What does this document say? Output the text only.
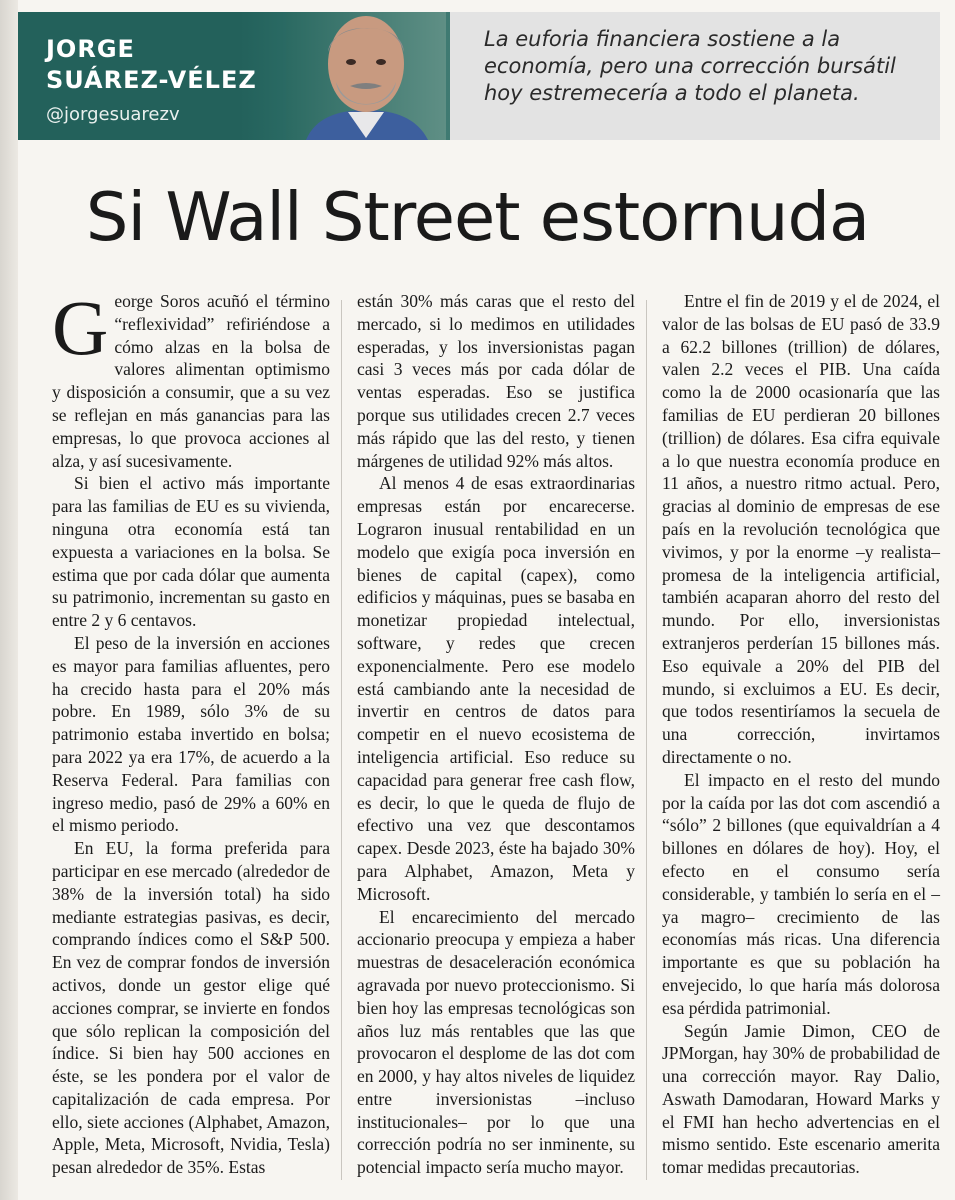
JORGE
SUÁREZ-VÉLEZ
@jorgesuarezv

La euforia financiera sostiene a la economía, pero una corrección bursátil hoy estremecería a todo el planeta.

Si Wall Street estornuda

George Soros acuñó el término “reflexividad” refiriéndose a cómo alzas en la bolsa de valores alimentan optimismo y disposición a consumir, que a su vez se reflejan en más ganancias para las empresas, lo que provoca acciones al alza, y así sucesivamente.

Si bien el activo más importante para las familias de EU es su vivienda, ninguna otra economía está tan expuesta a variaciones en la bolsa. Se estima que por cada dólar que aumenta su patrimonio, incrementan su gasto en entre 2 y 6 centavos.

El peso de la inversión en acciones es mayor para familias afluentes, pero ha crecido hasta para el 20% más pobre. En 1989, sólo 3% de su patrimonio estaba invertido en bolsa; para 2022 ya era 17%, de acuerdo a la Reserva Federal. Para familias con ingreso medio, pasó de 29% a 60% en el mismo periodo.

En EU, la forma preferida para participar en ese mercado (alrededor de 38% de la inversión total) ha sido mediante estrategias pasivas, es decir, comprando índices como el S&P 500. En vez de comprar fondos de inversión activos, donde un gestor elige qué acciones comprar, se invierte en fondos que sólo replican la composición del índice. Si bien hay 500 acciones en éste, se les pondera por el valor de capitalización de cada empresa. Por ello, siete acciones (Alphabet, Amazon, Apple, Meta, Microsoft, Nvidia, Tesla) pesan alrededor de 35%. Estas

están 30% más caras que el resto del mercado, si lo medimos en utilidades esperadas, y los inversionistas pagan casi 3 veces más por cada dólar de ventas esperadas. Eso se justifica porque sus utilidades crecen 2.7 veces más rápido que las del resto, y tienen márgenes de utilidad 92% más altos.

Al menos 4 de esas extraordinarias empresas están por encarecerse. Lograron inusual rentabilidad en un modelo que exigía poca inversión en bienes de capital (capex), como edificios y máquinas, pues se basaba en monetizar propiedad intelectual, software, y redes que crecen exponencialmente. Pero ese modelo está cambiando ante la necesidad de invertir en centros de datos para competir en el nuevo ecosistema de inteligencia artificial. Eso reduce su capacidad para generar free cash flow, es decir, lo que le queda de flujo de efectivo una vez que descontamos capex. Desde 2023, éste ha bajado 30% para Alphabet, Amazon, Meta y Microsoft.

El encarecimiento del mercado accionario preocupa y empieza a haber muestras de desaceleración económica agravada por nuevo proteccionismo. Si bien hoy las empresas tecnológicas son años luz más rentables que las que provocaron el desplome de las dot com en 2000, y hay altos niveles de liquidez entre inversionistas –incluso institucionales– por lo que una corrección podría no ser inminente, su potencial impacto sería mucho mayor.

Entre el fin de 2019 y el de 2024, el valor de las bolsas de EU pasó de 33.9 a 62.2 billones (trillion) de dólares, valen 2.2 veces el PIB. Una caída como la de 2000 ocasionaría que las familias de EU perdieran 20 billones (trillion) de dólares. Esa cifra equivale a lo que nuestra economía produce en 11 años, a nuestro ritmo actual. Pero, gracias al dominio de empresas de ese país en la revolución tecnológica que vivimos, y por la enorme –y realista– promesa de la inteligencia artificial, también acaparan ahorro del resto del mundo. Por ello, inversionistas extranjeros perderían 15 billones más. Eso equivale a 20% del PIB del mundo, si excluimos a EU. Es decir, que todos resentiríamos la secuela de una corrección, invirtamos directamente o no.

El impacto en el resto del mundo por la caída por las dot com ascendió a “sólo” 2 billones (que equivaldrían a 4 billones en dólares de hoy). Hoy, el efecto en el consumo sería considerable, y también lo sería en el –ya magro– crecimiento de las economías más ricas. Una diferencia importante es que su población ha envejecido, lo que haría más dolorosa esa pérdida patrimonial.

Según Jamie Dimon, CEO de JPMorgan, hay 30% de probabilidad de una corrección mayor. Ray Dalio, Aswath Damodaran, Howard Marks y el FMI han hecho advertencias en el mismo sentido. Este escenario amerita tomar medidas precautorias.
